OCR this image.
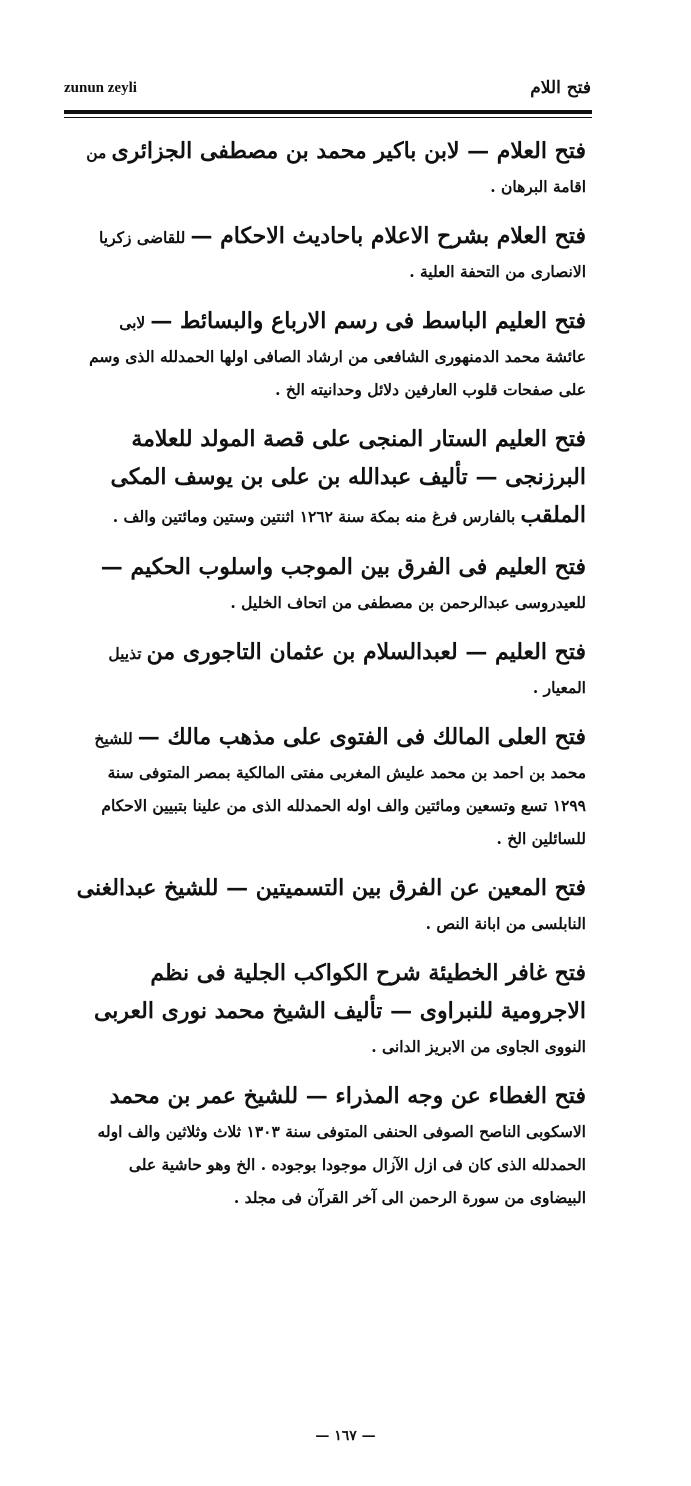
zunun zeyli	فتح اللام
فتح العلام — لابن باكير محمد بن مصطفى الجزائرى من اقامة البرهان .
فتح العلام بشرح الاعلام باحاديث الاحكام — للقاضى زكريا الانصارى من التحفة العلية .
فتح العليم الباسط فى رسم الارباع والبسائط — لابى عائشة محمد الدمنهورى الشافعى من ارشاد الصافى اولها الحمدلله الذى وسم على صفحات قلوب العارفين دلائل وحدانيته الخ .
فتح العليم الستار المنجى على قصة المولد للعلامة البرزنجى — تأليف عبدالله بن على بن يوسف المكى الملقب بالفارس فرغ منه بمكة سنة ١٢٦٢ اثنتين وستين ومائتين والف .
فتح العليم فى الفرق بين الموجب واسلوب الحكيم — للعيدروسى عبدالرحمن بن مصطفى من اتحاف الخليل .
فتح العليم — لعبدالسلام بن عثمان التاجورى من تذييل المعيار .
فتح العلى المالك فى الفتوى على مذهب مالك — للشيخ محمد بن احمد بن محمد عليش المغربى مفتى المالكية بمصر المتوفى سنة ١٢٩٩ تسع وتسعين ومائتين والف اوله الحمدلله الذى من علينا بتبيين الاحكام للسائلين الخ .
فتح المعين عن الفرق بين التسميتين — للشيخ عبدالغنى النابلسى من ابانة النص .
فتح غافر الخطيئة شرح الكواكب الجلية فى نظم الاجرومية للنبراوى — تأليف الشيخ محمد نورى العربى النووى الجاوى من الابريز الدانى .
فتح الغطاء عن وجه المذراء — للشيخ عمر بن محمد الاسكوبى الناصح الصوفى الحنفى المتوفى سنة ١٣٠٣ ثلاث وثلاثين والف اوله الحمدلله الذى كان فى ازل الآزال موجودا بوجوده . الخ وهو حاشية على البيضاوى من سورة الرحمن الى آخر القرآن فى مجلد .
— ١٦٧ —
